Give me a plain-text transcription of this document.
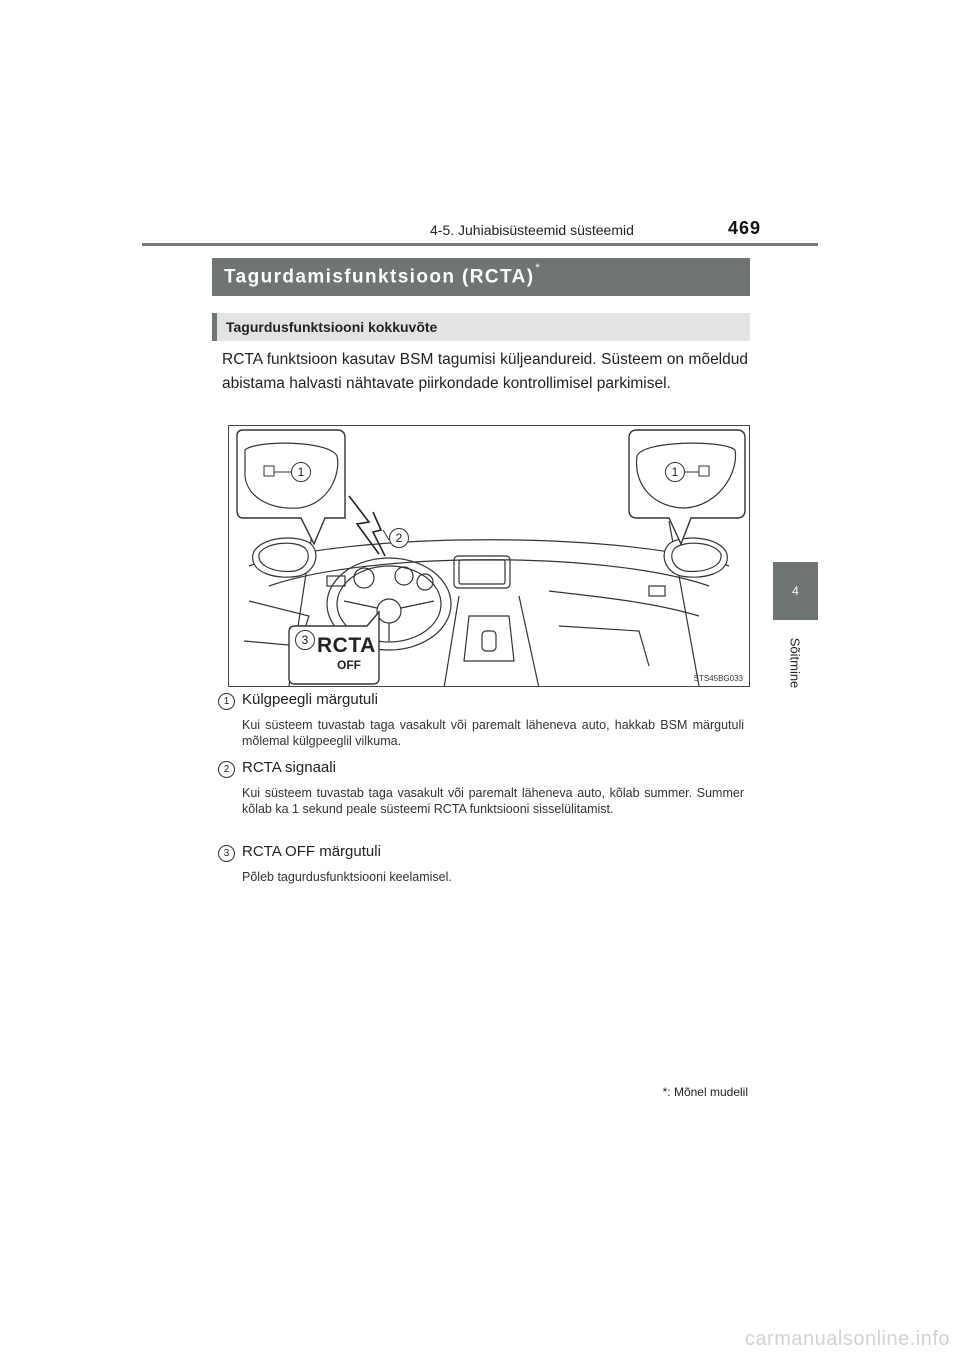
4-5. Juhiabisüsteemid süsteemid	469
4
Sõitmine
Tagurdamisfunktsioon (RCTA)*
Tagurdusfunktsiooni kokkuvõte
RCTA funktsioon kasutav BSM tagumisi küljeandureid. Süsteem on mõeldud abistama halvasti nähtavate piirkondade kontrollimisel parkimisel.
1	1
2
3 RCTA
OFF
STS45BG033
1 Külgpeegli märgutuli
Kui süsteem tuvastab taga vasakult või paremalt läheneva auto, hakkab BSM märgutuli mõlemal külgpeeglil vilkuma.
2 RCTA signaali
Kui süsteem tuvastab taga vasakult või paremalt läheneva auto, kõlab summer. Summer kõlab ka 1 sekund peale süsteemi RCTA funktsiooni sisselülitamist.
3 RCTA OFF märgutuli
Põleb tagurdusfunktsiooni keelamisel.
*: Mõnel mudelil
carmanualsonline.info
